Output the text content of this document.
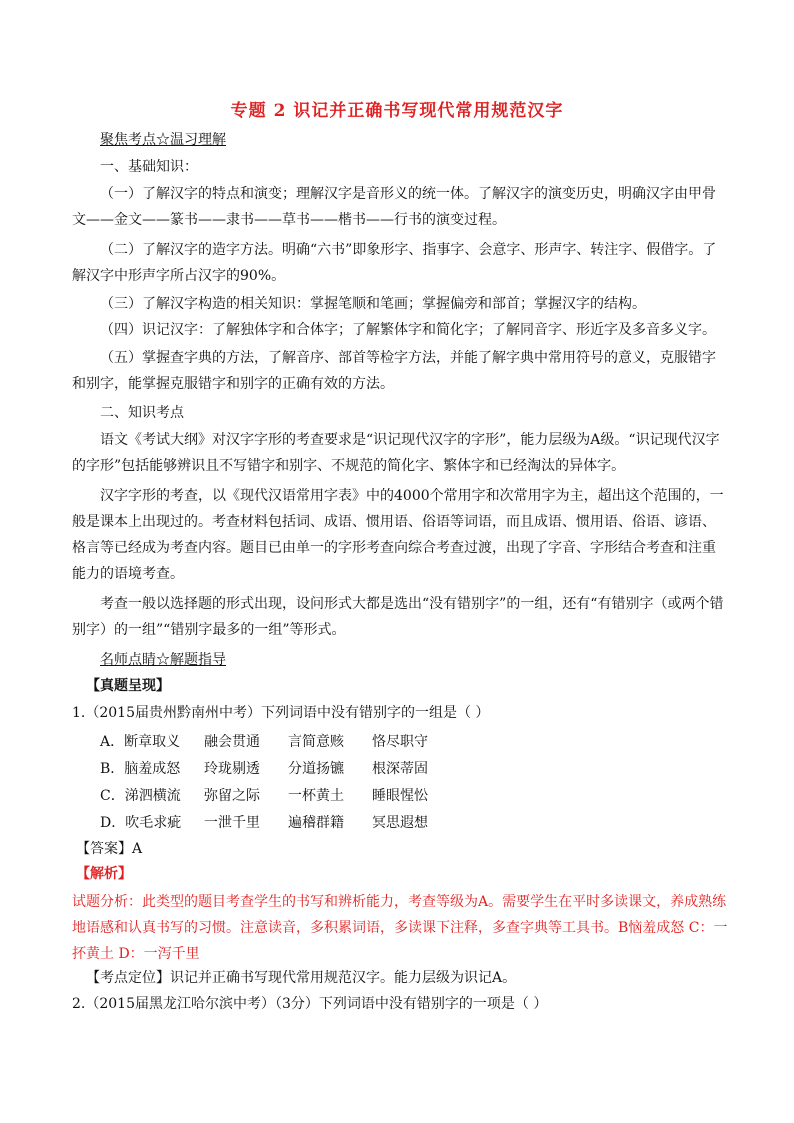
专题 2 识记并正确书写现代常用规范汉字
聚焦考点☆温习理解
一、基础知识：
（一）了解汉字的特点和演变；理解汉字是音形义的统一体。了解汉字的演变历史，明确汉字由甲骨文——金文——篆书——隶书——草书——楷书——行书的演变过程。
（二）了解汉字的造字方法。明确“六书”即象形字、指事字、会意字、形声字、转注字、假借字。了解汉字中形声字所占汉字的90%。
（三）了解汉字构造的相关知识：掌握笔顺和笔画；掌握偏旁和部首；掌握汉字的结构。
（四）识记汉字：了解独体字和合体字；了解繁体字和简化字；了解同音字、形近字及多音多义字。
（五）掌握查字典的方法，了解音序、部首等检字方法，并能了解字典中常用符号的意义，克服错字和别字，能掌握克服错字和别字的正确有效的方法。
二、知识考点
语文《考试大纲》对汉字字形的考查要求是“识记现代汉字的字形”，能力层级为A级。“识记现代汉字的字形”包括能够辨识且不写错字和别字、不规范的简化字、繁体字和已经淘汰的异体字。
汉字字形的考查，以《现代汉语常用字表》中的4000个常用字和次常用字为主，超出这个范围的，一般是课本上出现过的。考查材料包括词、成语、惯用语、俗语等词语，而且成语、惯用语、俗语、谚语、格言等已经成为考查内容。题目已由单一的字形考查向综合考查过渡，出现了字音、字形结合考查和注重能力的语境考查。
考查一般以选择题的形式出现，设问形式大都是选出“没有错别字”的一组，还有“有错别字（或两个错别字）的一组”“错别字最多的一组”等形式。
名师点睛☆解题指导
【真题呈现】
1.（2015届贵州黔南州中考）下列词语中没有错别字的一组是（ ）
A．断章取义 融会贯通 言简意赅 恪尽职守
B．脑羞成怒 玲珑剔透 分道扬镳 根深蒂固
C．涕泗横流 弥留之际 一杯黄土 睡眼惺忪
D．吹毛求疵 一泄千里 遍稽群籍 冥思遐想
【答案】A
【解析】
试题分析：此类型的题目考查学生的书写和辨析能力，考查等级为A。需要学生在平时多读课文，养成熟练地语感和认真书写的习惯。注意读音，多积累词语，多读课下注释，多查字典等工具书。B恼羞成怒 C：一抔黄土 D：一泻千里
【考点定位】识记并正确书写现代常用规范汉字。能力层级为识记A。
2.（2015届黑龙江哈尔滨中考）（3分）下列词语中没有错别字的一项是（ ）
